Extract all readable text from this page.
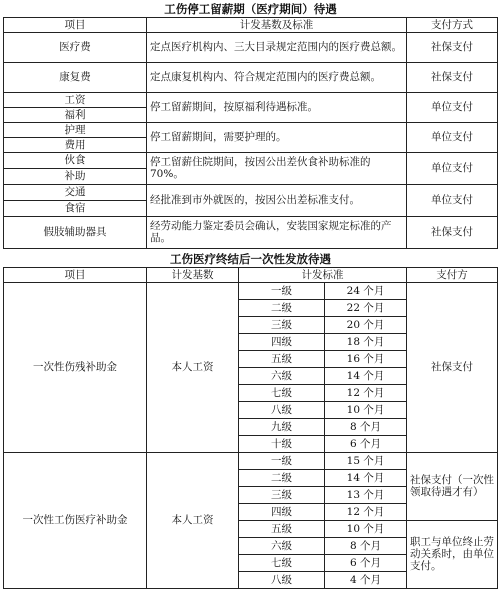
工伤停工留薪期（医疗期间）待遇		
项目	计发基数及标准	支付方式
医疗费	定点医疗机构内、三大目录规定范围内的医疗费总额。	社保支付
康复费	定点康复机构内、符合规定范围内的医疗费总额。	社保支付

工资
福利	停工留薪期间，按原福利待遇标准。	单位支付

护理
费用	停工留薪期间，需要护理的。	单位支付

伙食
补助	停工留薪住院期间，按因公出差伙食补助标准的70%。	单位支付

交通
食宿	经批准到市外就医的，按因公出差标准支付。	单位支付
假肢辅助器具	经劳动能力鉴定委员会确认，安装国家规定标准的产品。	社保支付
工伤医疗终结后一次性发放待遇				
项目	计发基数	计发标准		支付方
一次性伤残补助金	本人工资	一级	24 个月	社保支付
		二级	22 个月	
		三级	20 个月	
		四级	18 个月	
		五级	16 个月	
		六级	14 个月	
		七级	12 个月	
		八级	10 个月	
		九级	8 个月	
		十级	6 个月	
一次性工伤医疗补助金	本人工资	一级	15 个月	社保支付（一次性领取待遇才有）
		二级	14 个月	
		三级	13 个月	
		四级	12 个月	
		五级	10 个月	职工与单位终止劳动关系时，由单位支付。
		六级	8 个月	
		七级	6 个月	
		八级	4 个月	
